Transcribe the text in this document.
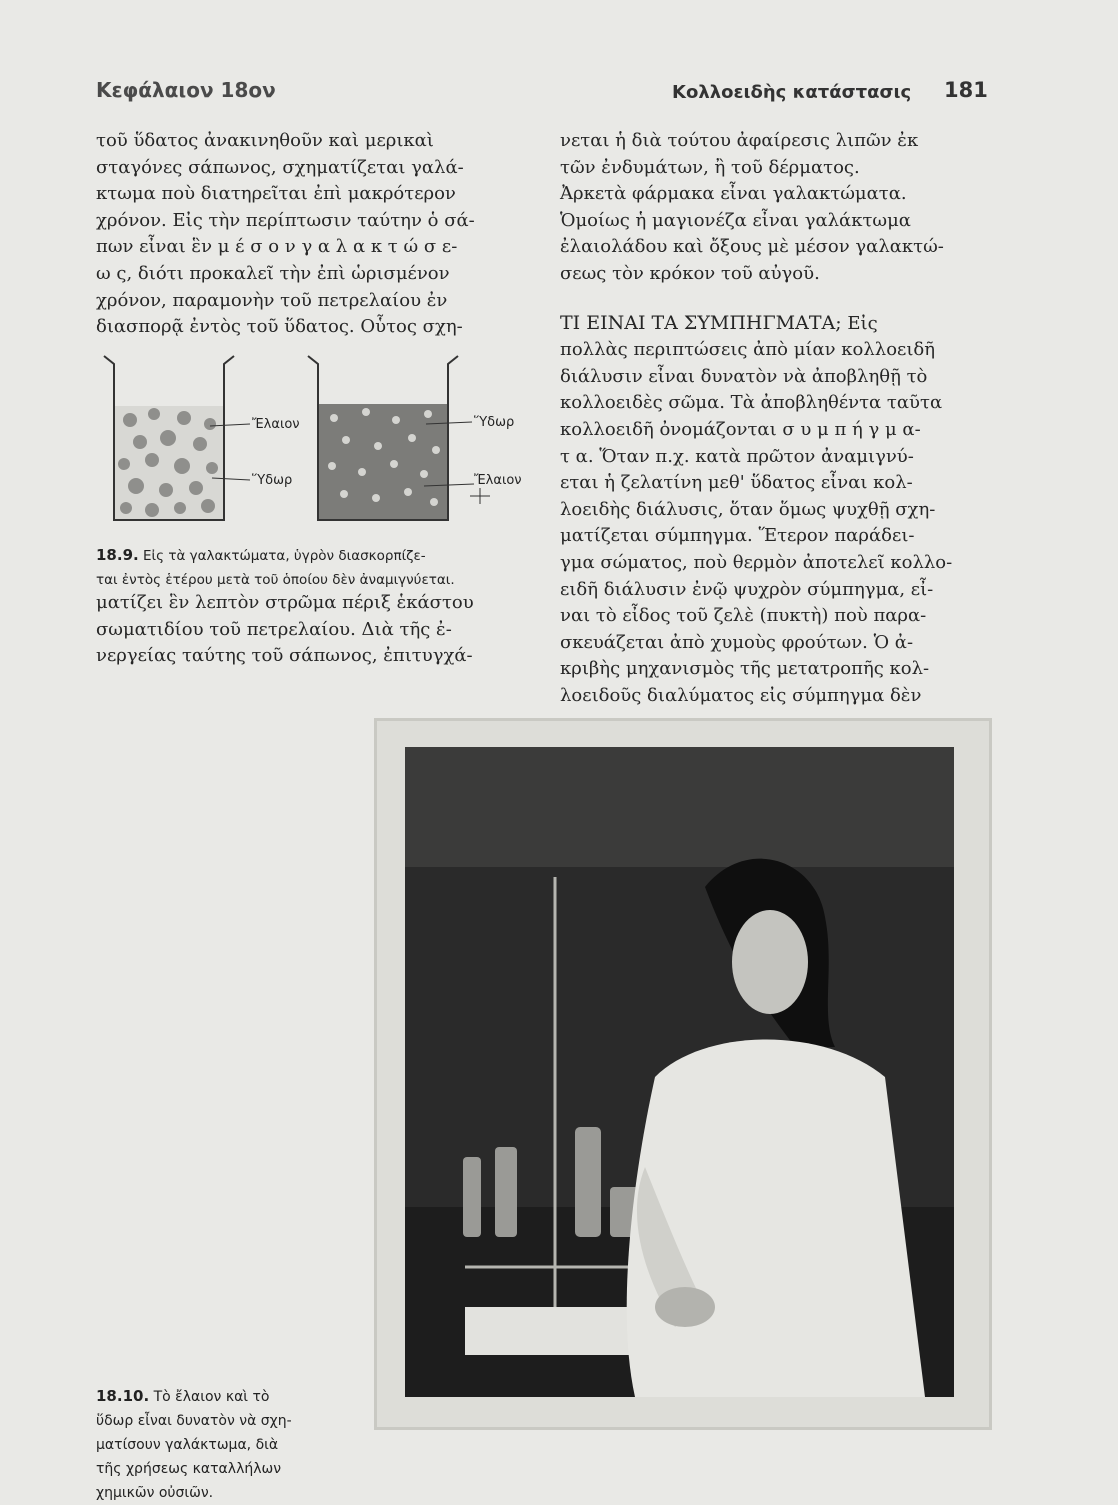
Κεφάλαιον 18ον	Κολλοειδὴς κατάστασις 181

τοῦ ὕδατος ἀνακινηθοῦν καὶ μερικαὶ

σταγόνες σάπωνος, σχηματίζεται γαλά-

κτωμα ποὺ διατηρεῖται ἐπὶ μακρότερον

χρόνον. Εἰς τὴν περίπτωσιν ταύτην ὁ σά-

πων εἶναι ἓν μ έ σ ο ν γ α λ α κ τ ώ σ ε-

ω ς, διότι προκαλεῖ τὴν ἐπὶ ὡρισμένον

χρόνον, παραμονὴν τοῦ πετρελαίου ἐν

διασπορᾷ ἐντὸς τοῦ ὕδατος. Οὗτος σχη-

Ἔλαιον
Ὕδωρ
Ὕδωρ
Ἔλαιον
18.9. Εἰς τὰ γαλακτώματα, ὑγρὸν διασκορπίζε-
ται ἐντὸς ἑτέρου μετὰ τοῦ ὁποίου δὲν ἀναμιγνύεται.

ματίζει ἓν λεπτὸν στρῶμα πέριξ ἑκάστου

σωματιδίου τοῦ πετρελαίου. Διὰ τῆς ἐ-

νεργείας ταύτης τοῦ σάπωνος, ἐπιτυγχά-

νεται ἡ διὰ τούτου ἀφαίρεσις λιπῶν ἐκ

τῶν ἐνδυμάτων, ἢ τοῦ δέρματος.

Ἀρκετὰ φάρμακα εἶναι γαλακτώματα.

Ὁμοίως ἡ μαγιονέζα εἶναι γαλάκτωμα

ἐλαιολάδου καὶ ὄξους μὲ μέσον γαλακτώ-

σεως τὸν κρόκον τοῦ αὐγοῦ.

ΤΙ ΕΙΝΑΙ ΤΑ ΣΥΜΠΗΓΜΑΤΑ; Εἰς

πολλὰς περιπτώσεις ἀπὸ μίαν κολλοειδῆ

διάλυσιν εἶναι δυνατὸν νὰ ἀποβληθῇ τὸ

κολλοειδὲς σῶμα. Τὰ ἀποβληθέντα ταῦτα

κολλοειδῆ ὀνομάζονται σ υ μ π ή γ μ α-

τ α. Ὅταν π.χ. κατὰ πρῶτον ἀναμιγνύ-

εται ἡ ζελατίνη μεθ' ὕδατος εἶναι κολ-

λοειδὴς διάλυσις, ὅταν ὅμως ψυχθῇ σχη-

ματίζεται σύμπηγμα. Ἕτερον παράδει-

γμα σώματος, ποὺ θερμὸν ἀποτελεῖ κολλο-

ειδῆ διάλυσιν ἐνῷ ψυχρὸν σύμπηγμα, εἶ-

ναι τὸ εἶδος τοῦ ζελὲ (πυκτὴ) ποὺ παρα-

σκευάζεται ἀπὸ χυμοὺς φρούτων. Ὁ ἀ-

κριβὴς μηχανισμὸς τῆς μετατροπῆς κολ-

λοειδοῦς διαλύματος εἰς σύμπηγμα δὲν

18.10. Τὸ ἔλαιον καὶ τὸ
ὕδωρ εἶναι δυνατὸν νὰ σχη-
ματίσουν γαλάκτωμα, διὰ
τῆς χρήσεως καταλλήλων
χημικῶν οὐσιῶν.
